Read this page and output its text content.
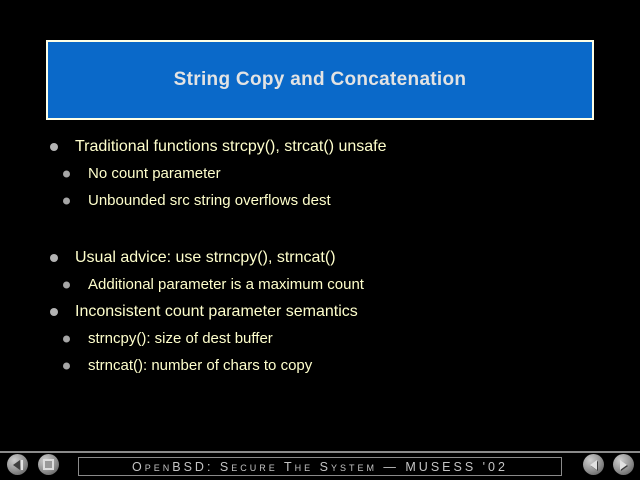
String Copy and Concatenation
Traditional functions strcpy(), strcat() unsafe
No count parameter
Unbounded src string overflows dest
Usual advice: use strncpy(), strncat()
Additional parameter is a maximum count
Inconsistent count parameter semantics
strncpy(): size of dest buffer
strncat(): number of chars to copy
OpenBSD: Secure The System — MUSESS '02
